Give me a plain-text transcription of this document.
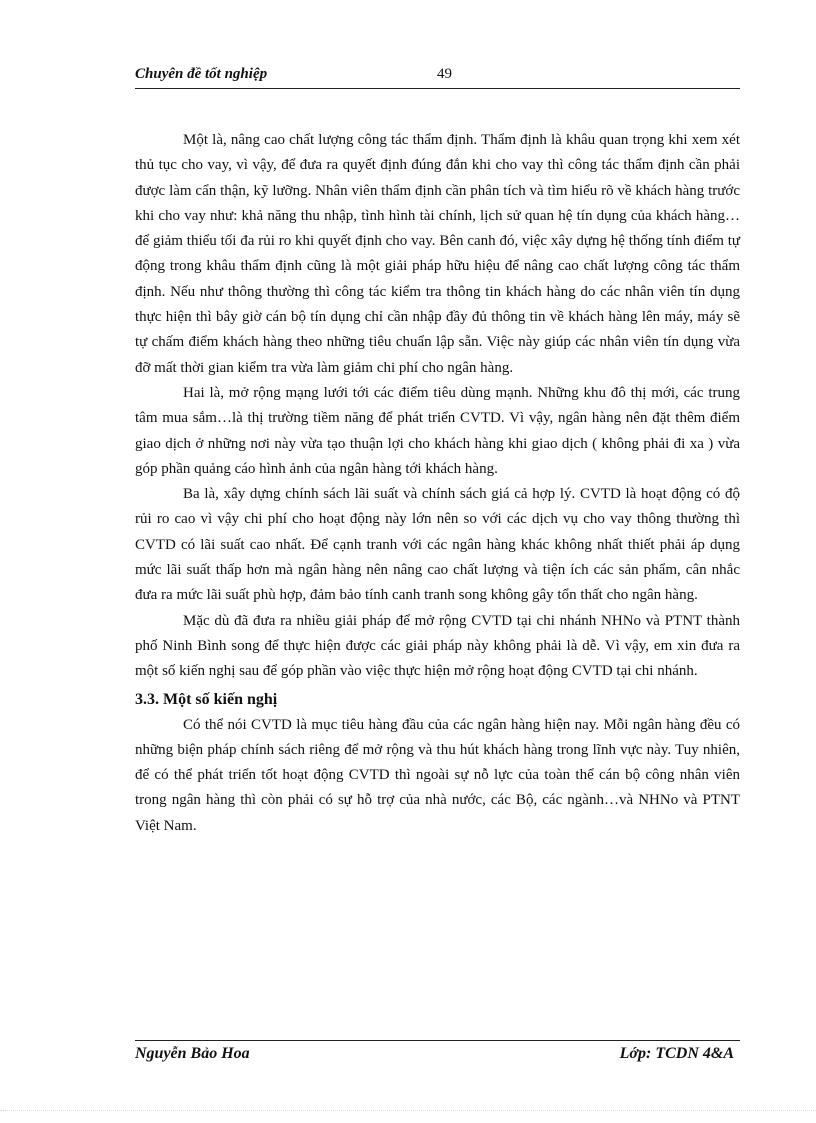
Chuyên đề tốt nghiệp	49

Một là, nâng cao chất lượng công tác thẩm định. Thẩm định là khâu quan trọng khi xem xét thủ tục cho vay, vì vậy, để đưa ra quyết định đúng đắn khi cho vay thì công tác thẩm định cần phải được làm cẩn thận, kỹ lưỡng. Nhân viên thẩm định cần phân tích và tìm hiểu rõ về khách hàng trước khi cho vay như: khả năng thu nhập, tình hình tài chính, lịch sử quan hệ tín dụng của khách hàng…để giảm thiểu tối đa rủi ro khi quyết định cho vay. Bên canh đó, việc xây dựng hệ thống tính điểm tự động trong khâu thẩm định cũng là một giải pháp hữu hiệu để nâng cao chất lượng công tác thẩm định. Nếu như thông thường thì công tác kiểm tra thông tin khách hàng do các nhân viên tín dụng thực hiện thì bây giờ cán bộ tín dụng chỉ cần nhập đầy đủ thông tin về khách hàng lên máy, máy sẽ tự chấm điểm khách hàng theo những tiêu chuẩn lập sẵn. Việc này giúp các nhân viên tín dụng vừa đỡ mất thời gian kiểm tra vừa làm giảm chi phí cho ngân hàng.

Hai là, mở rộng mạng lưới tới các điểm tiêu dùng mạnh. Những khu đô thị mới, các trung tâm mua sắm…là thị trường tiềm năng để phát triển CVTD. Vì vậy, ngân hàng nên đặt thêm điểm giao dịch ở những nơi này vừa tạo thuận lợi cho khách hàng khi giao dịch ( không phải đi xa ) vừa góp phần quảng cáo hình ảnh của ngân hàng tới khách hàng.

Ba là, xây dựng chính sách lãi suất và chính sách giá cả hợp lý. CVTD là hoạt động có độ rủi ro cao vì vậy chi phí cho hoạt động này lớn nên so với các dịch vụ cho vay thông thường thì CVTD có lãi suất cao nhất. Để cạnh tranh với các ngân hàng khác không nhất thiết phải áp dụng mức lãi suất thấp hơn mà ngân hàng nên nâng cao chất lượng và tiện ích các sản phẩm, cân nhắc đưa ra mức lãi suất phù hợp, đảm bảo tính canh tranh song không gây tổn thất cho ngân hàng.

Mặc dù đã đưa ra nhiều giải pháp để mở rộng CVTD tại chi nhánh NHNo và PTNT thành phố Ninh Bình song để thực hiện được các giải pháp này không phải là dễ. Vì vậy, em xin đưa ra một số kiến nghị sau để góp phần vào việc thực hiện mở rộng hoạt động CVTD tại chi nhánh.

3.3. Một số kiến nghị

Có thể nói CVTD là mục tiêu hàng đầu của các ngân hàng hiện nay. Mỗi ngân hàng đều có những biện pháp chính sách riêng để mở rộng và thu hút khách hàng trong lĩnh vực này. Tuy nhiên, để có thể phát triển tốt hoạt động CVTD thì ngoài sự nỗ lực của toàn thể cán bộ công nhân viên trong ngân hàng thì còn phải có sự hỗ trợ của nhà nước, các Bộ, các ngành…và NHNo và PTNT Việt Nam.

Nguyễn Bảo Hoa	Lớp: TCDN 4&A
